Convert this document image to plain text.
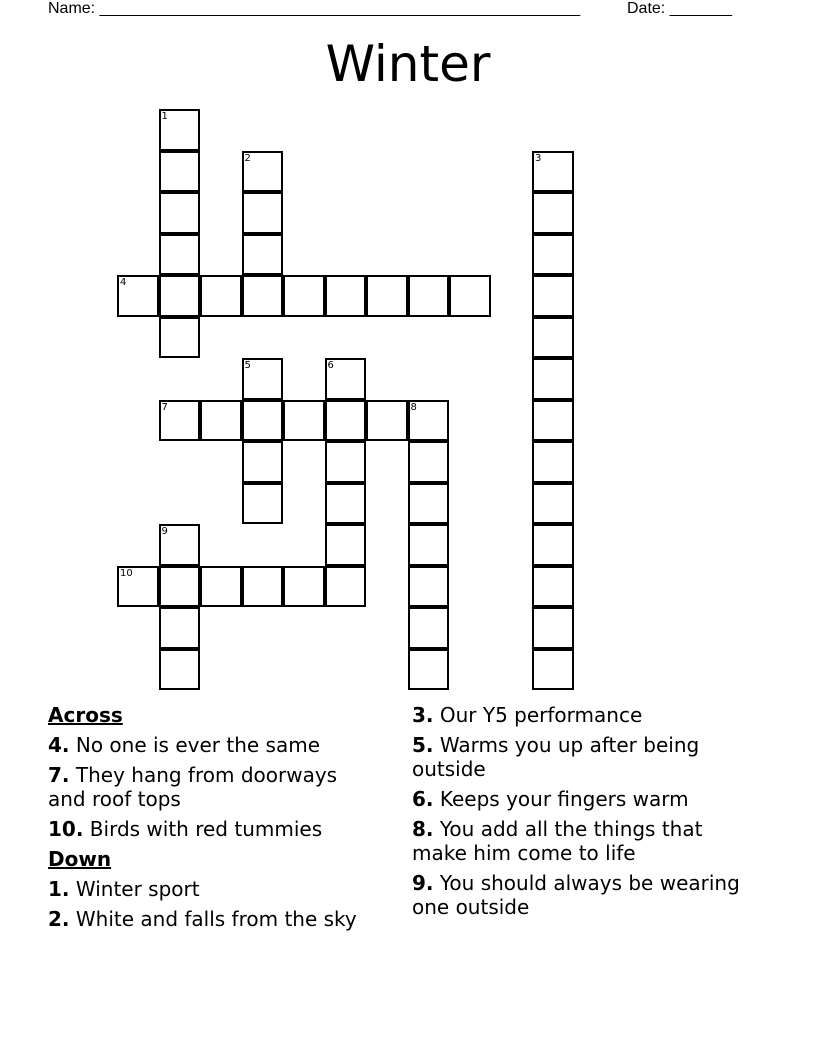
Name: ______________________________________________________	Date: _______
Winter
1
2	3
4
5	6
7	8
9
10
Across
4. No one is ever the same
7. They hang from doorways and roof tops
10. Birds with red tummies
Down
1. Winter sport
2. White and falls from the sky
3. Our Y5 performance
5. Warms you up after being outside
6. Keeps your fingers warm
8. You add all the things that make him come to life
9. You should always be wearing one outside
